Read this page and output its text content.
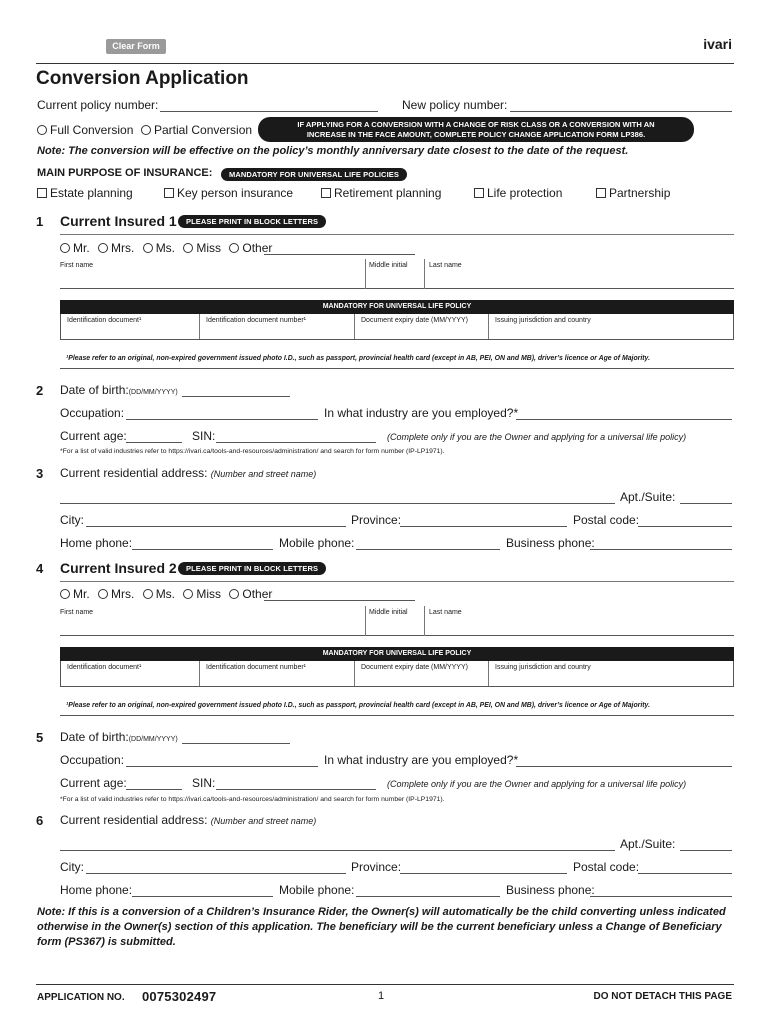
Clear Form	ivari
Conversion Application
Current policy number:	New policy number:
Full Conversion	Partial Conversion	IF APPLYING FOR A CONVERSION WITH A CHANGE OF RISK CLASS OR A CONVERSION WITH AN
INCREASE IN THE FACE AMOUNT, COMPLETE POLICY CHANGE APPLICATION FORM LP386.
Note: The conversion will be effective on the policy’s monthly anniversary date closest to the date of the request.
MAIN PURPOSE OF INSURANCE:	MANDATORY FOR UNIVERSAL LIFE POLICIES
Estate planning	Key person insurance	Retirement planning	Life protection	Partnership
1 Current Insured 1	PLEASE PRINT IN BLOCK LETTERS
Mr. Mrs. Ms. Miss Other
First name	Middle initial	Last name
MANDATORY FOR UNIVERSAL LIFE POLICY
Identification document¹	Identification document number¹	Document expiry date (MM/YYYY)	Issuing jurisdiction and country
¹Please refer to an original, non-expired government issued photo I.D., such as passport, provincial health card (except in AB, PEI, ON and MB), driver’s licence or Age of Majority.
2 Date of birth:(DD/MM/YYYY)
Occupation:	In what industry are you employed?*
Current age:	SIN:	(Complete only if you are the Owner and applying for a universal life policy)
*For a list of valid industries refer to https://ivari.ca/tools-and-resources/administration/ and search for form number (IP-LP1971).
3 Current residential address: (Number and street name)
Apt./Suite:
City:	Province:	Postal code:
Home phone:	Mobile phone:	Business phone:
4 Current Insured 2	PLEASE PRINT IN BLOCK LETTERS
Mr. Mrs. Ms. Miss Other
First name	Middle initial	Last name
MANDATORY FOR UNIVERSAL LIFE POLICY
Identification document¹	Identification document number¹	Document expiry date (MM/YYYY)	Issuing jurisdiction and country
¹Please refer to an original, non-expired government issued photo I.D., such as passport, provincial health card (except in AB, PEI, ON and MB), driver’s licence or Age of Majority.
5 Date of birth:(DD/MM/YYYY)
Occupation:	In what industry are you employed?*
Current age:	SIN:	(Complete only if you are the Owner and applying for a universal life policy)
*For a list of valid industries refer to https://ivari.ca/tools-and-resources/administration/ and search for form number (IP-LP1971).
6 Current residential address: (Number and street name)
Apt./Suite:
City:	Province:	Postal code:
Home phone:	Mobile phone:	Business phone:
Note: If this is a conversion of a Children’s Insurance Rider, the Owner(s) will automatically be the child converting unless indicated otherwise in the Owner(s) section of this application. The beneficiary will be the current beneficiary unless a Change of Beneficiary form (PS367) is submitted.
APPLICATION NO. 0075302497	1	DO NOT DETACH THIS PAGE
